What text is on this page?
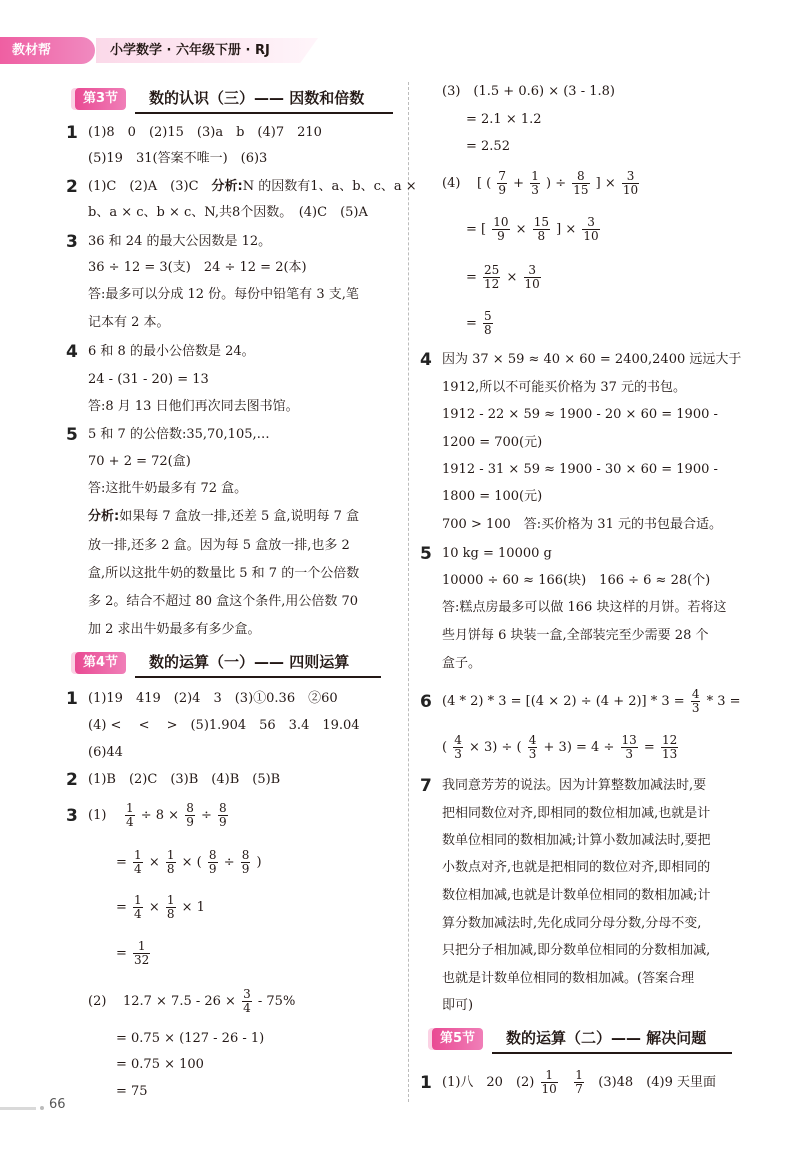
教材帮	小学数学 · 六年级下册 · RJ
第3节	数的认识（三）—— 因数和倍数
1 (1)8　0　(2)15　(3)a　b　(4)7　210
(5)19　31(答案不唯一)　(6)3
2 (1)C　(2)A　(3)C　分析:N 的因数有1、a、b、c、a ×
b、a × c、b × c、N,共8个因数。　(4)C　(5)A
3 36 和 24 的最大公因数是 12。
36 ÷ 12 = 3(支)　24 ÷ 12 = 2(本)
答:最多可以分成 12 份。每份中铅笔有 3 支,笔
记本有 2 本。
4 6 和 8 的最小公倍数是 24。
24 - (31 - 20) = 13
答:8 月 13 日他们再次同去图书馆。
5 5 和 7 的公倍数:35,70,105,…
70 + 2 = 72(盒)
答:这批牛奶最多有 72 盒。
分析:如果每 7 盒放一排,还差 5 盒,说明每 7 盒
放一排,还多 2 盒。因为每 5 盒放一排,也多 2
盒,所以这批牛奶的数量比 5 和 7 的一个公倍数
多 2。结合不超过 80 盒这个条件,用公倍数 70
加 2 求出牛奶最多有多少盒。
第4节	数的运算（一）—— 四则运算
1 (1)19　419　(2)4　3　(3)①0.36　②60
(4) <　 <　 >　(5)1.904　56　3.4　19.04
(6)44
2 (1)B　(2)C　(3)B　(4)B　(5)B
3 $(1) \frac{1}{4} \div 8 \times \frac{8}{9} \div \frac{8}{9}$
= $\frac{1}{4} \times \frac{1}{8}$ × ( $\frac{8}{9} \div \frac{8}{9}$ )
= $\frac{1}{4} \times \frac{1}{8} \times 1$
= $\frac{1}{32}$
(2) $12.7 \times 7.5 - 26 \times \frac{3}{4} - 75\%$
= 0.75 × (127 - 26 - 1)
= 0.75 × 100
= 75
(3)　(1.5 + 0.6) × (3 - 1.8)
= 2.1 × 1.2
= 2.52
(4) [ ( $\frac{7}{9} + \frac{1}{3}$ ) ÷ $\frac{8}{15}$ ] × $\frac{3}{10}$
= [ $\frac{10}{9} \times \frac{15}{8}$ ] × $\frac{3}{10}$
= $\frac{25}{12} \times \frac{3}{10}$
= $\frac{5}{8}$
4 因为 37 × 59 ≈ 40 × 60 = 2400,2400 远远大于
1912,所以不可能买价格为 37 元的书包。
1912 - 22 × 59 ≈ 1900 - 20 × 60 = 1900 -
1200 = 700(元)
1912 - 31 × 59 ≈ 1900 - 30 × 60 = 1900 -
1800 = 100(元)
700 > 100　答:买价格为 31 元的书包最合适。
5 10 kg = 10000 g
10000 ÷ 60 ≈ 166(块)　166 ÷ 6 ≈ 28(个)
答:糕点房最多可以做 166 块这样的月饼。若将这
些月饼每 6 块装一盒,全部装完至少需要 28 个
盒子。
6 $(4 * 2) * 3 = [(4 \times 2) \div (4 + 2)] * 3 = \frac{4}{3} * 3$ =
( $\frac{4}{3} \times 3$) ÷ ( $\frac{4}{3} + 3) = 4 \div \frac{13}{3} = \frac{12}{13}$
7 我同意芳芳的说法。因为计算整数加减法时,要
把相同数位对齐,即相同的数位相加减,也就是计
数单位相同的数相加减;计算小数加减法时,要把
小数点对齐,也就是把相同的数位对齐,即相同的
数位相加减,也就是计数单位相同的数相加减;计
算分数加减法时,先化成同分母分数,分母不变,
只把分子相加减,即分数单位相同的分数相加减,
也就是计数单位相同的数相加减。(答案合理
即可)
第5节	数的运算（二）—— 解决问题
1 (1)八　20　$(2) \frac{1}{10}$
$\frac{1}{7} (3)48$　(4)9 天里面
66
